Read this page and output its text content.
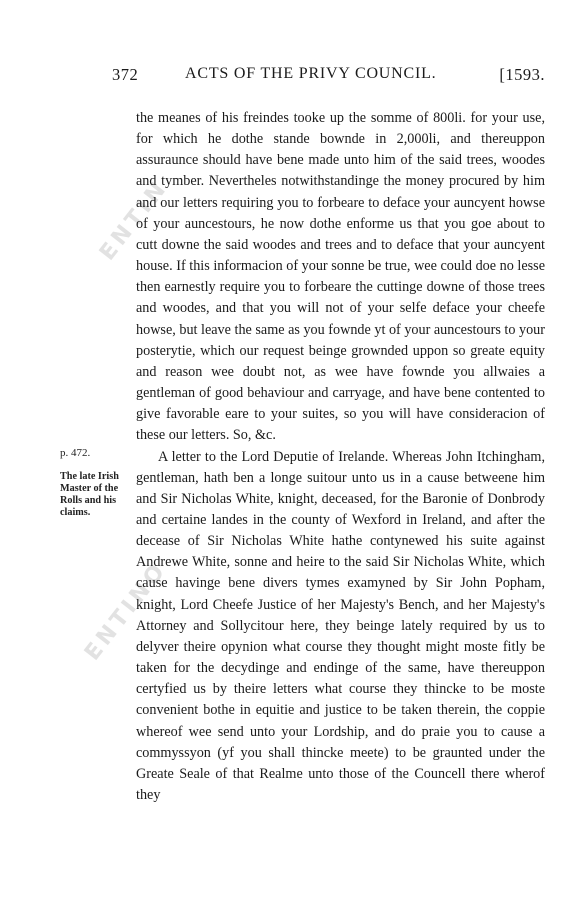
ENTIN
ENTINO
372	ACTS OF THE PRIVY COUNCIL.	[1593.
p. 472.
The late Irish Master of the Rolls and his claims.

the meanes of his freindes tooke up the somme of 800li. for your use, for which he dothe stande bownde in 2,000li, and thereuppon assuraunce should have bene made unto him of the said trees, woodes and tymber. Nevertheles notwithstandinge the money procured by him and our letters requiring you to forbeare to deface your auncyent howse of your auncestours, he now dothe enforme us that you goe about to cutt downe the said woodes and trees and to deface that your auncyent house. If this informacion of your sonne be true, wee could doe no lesse then earnestly require you to forbeare the cuttinge downe of those trees and woodes, and that you will not of your selfe deface your cheefe howse, but leave the same as you fownde yt of your auncestours to your posterytie, which our request beinge grownded uppon so greate equity and reason wee doubt not, as wee have fownde you allwaies a gentleman of good behaviour and carryage, and have bene contented to give favorable eare to your suites, so you will have consideracion of these our letters. So, &c.

A letter to the Lord Deputie of Irelande. Whereas John Itchingham, gentleman, hath ben a longe suitour unto us in a cause betweene him and Sir Nicholas White, knight, deceased, for the Baronie of Donbrody and certaine landes in the county of Wexford in Ireland, and after the decease of Sir Nicholas White hathe contynewed his suite against Andrewe White, sonne and heire to the said Sir Nicholas White, which cause havinge bene divers tymes examyned by Sir John Popham, knight, Lord Cheefe Justice of her Majesty's Bench, and her Majesty's Attorney and Sollycitour here, they beinge lately required by us to delyver theire opynion what course they thought might moste fitly be taken for the decydinge and endinge of the same, have thereuppon certyfied us by theire letters what course they thincke to be moste convenient bothe in equitie and justice to be taken therein, the coppie whereof wee send unto your Lordship, and do praie you to cause a commyssyon (yf you shall thincke meete) to be graunted under the Greate Seale of that Realme unto those of the Councell there wherof they
